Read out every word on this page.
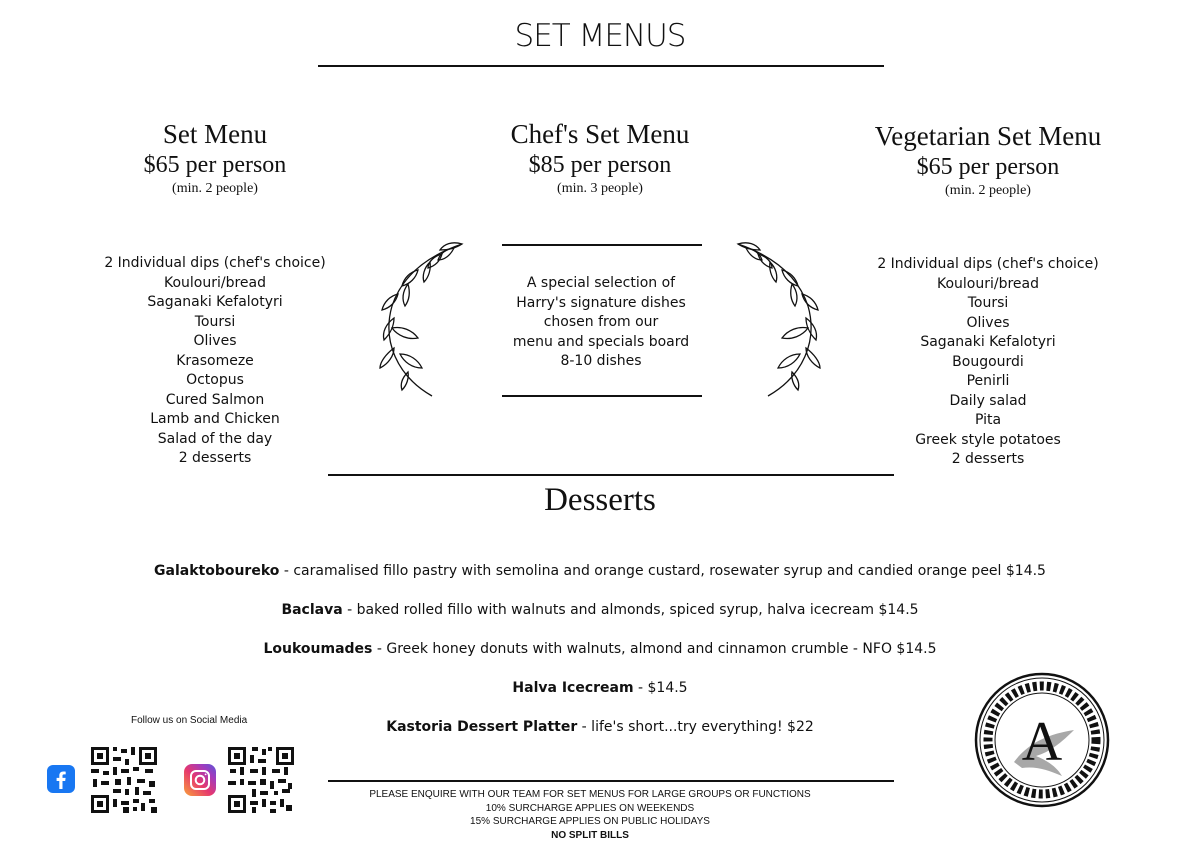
SET MENUS
Set Menu
$65 per person
(min. 2 people)
Chef's Set Menu
$85 per person
(min. 3 people)
Vegetarian Set Menu
$65 per person
(min. 2 people)
2 Individual dips (chef's choice)
Koulouri/bread
Saganaki Kefalotyri
Toursi
Olives
Krasomeze
Octopus
Cured Salmon
Lamb and Chicken
Salad of the day
2 desserts
2 Individual dips (chef's choice)
Koulouri/bread
Toursi
Olives
Saganaki Kefalotyri
Bougourdi
Penirli
Daily salad
Pita
Greek style potatoes
2 desserts
A special selection of
Harry's signature dishes
chosen from our
menu and specials board
8-10 dishes
Desserts
Galaktoboureko - caramalised fillo pastry with semolina and orange custard, rosewater syrup and candied orange peel $14.5
Baclava - baked rolled fillo with walnuts and almonds, spiced syrup, halva icecream $14.5
Loukoumades - Greek honey donuts with walnuts, almond and cinnamon crumble - NFO $14.5
Halva Icecream - $14.5
Kastoria Dessert Platter - life's short...try everything! $22
PLEASE ENQUIRE WITH OUR TEAM FOR SET MENUS FOR LARGE GROUPS OR FUNCTIONS
10% SURCHARGE APPLIES ON WEEKENDS
15% SURCHARGE APPLIES ON PUBLIC HOLIDAYS
NO SPLIT BILLS
Follow us on Social Media	A
